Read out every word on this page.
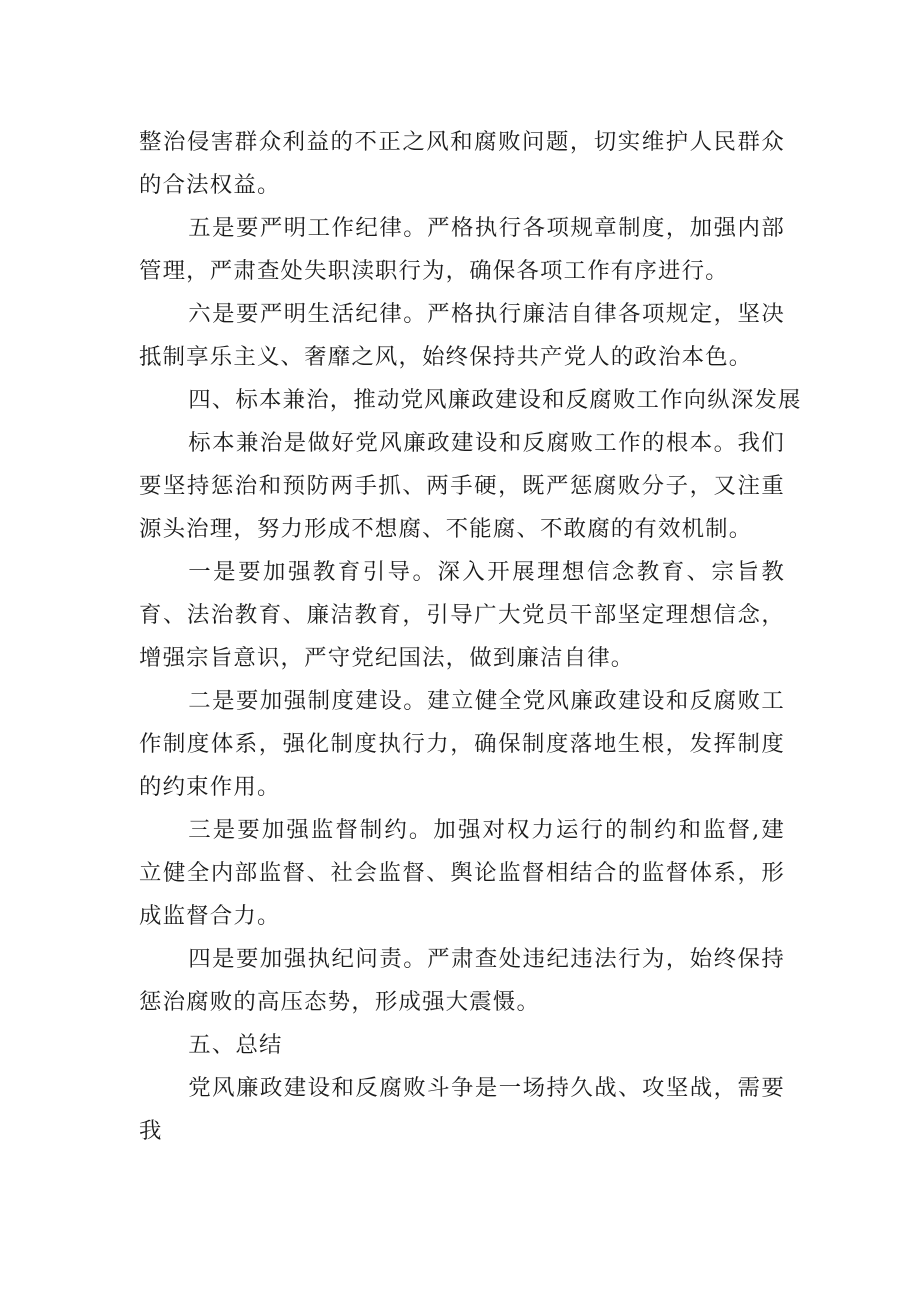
整治侵害群众利益的不正之风和腐败问题，切实维护人民群众的合法权益。

五是要严明工作纪律。严格执行各项规章制度，加强内部管理，严肃查处失职渎职行为，确保各项工作有序进行。

六是要严明生活纪律。严格执行廉洁自律各项规定，坚决抵制享乐主义、奢靡之风，始终保持共产党人的政治本色。

四、标本兼治，推动党风廉政建设和反腐败工作向纵深发展

标本兼治是做好党风廉政建设和反腐败工作的根本。我们要坚持惩治和预防两手抓、两手硬，既严惩腐败分子，又注重源头治理，努力形成不想腐、不能腐、不敢腐的有效机制。

一是要加强教育引导。深入开展理想信念教育、宗旨教育、法治教育、廉洁教育，引导广大党员干部坚定理想信念，增强宗旨意识，严守党纪国法，做到廉洁自律。

二是要加强制度建设。建立健全党风廉政建设和反腐败工作制度体系，强化制度执行力，确保制度落地生根，发挥制度的约束作用。

三是要加强监督制约。加强对权力运行的制约和监督,建立健全内部监督、社会监督、舆论监督相结合的监督体系，形成监督合力。

四是要加强执纪问责。严肃查处违纪违法行为，始终保持惩治腐败的高压态势，形成强大震慑。

五、总结

党风廉政建设和反腐败斗争是一场持久战、攻坚战，需要我
